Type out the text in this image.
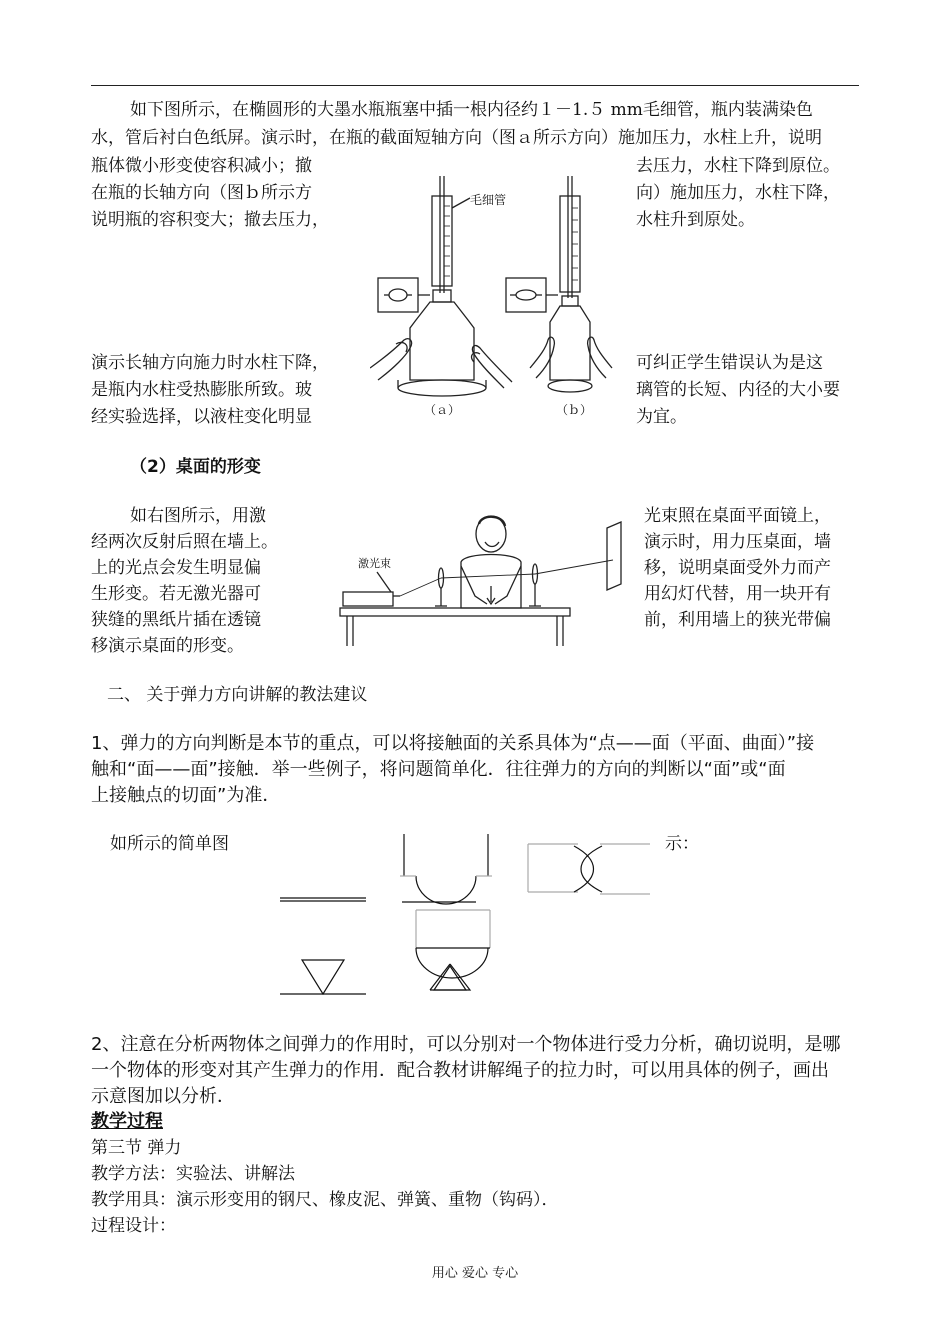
如下图所示，在椭圆形的大墨水瓶瓶塞中插一根内径约１－1.５ mm毛细管，瓶内装满染色
水，管后衬白色纸屏。演示时，在瓶的截面短轴方向（图ａ所示方向）施加压力，水柱上升，说明
瓶体微小形变使容积减小；撤	去压力，水柱下降到原位。
在瓶的长轴方向（图ｂ所示方	向）施加压力，水柱下降，
说明瓶的容积变大；撤去压力，	水柱升到原处。
毛细管
（ａ）	（ｂ）
演示长轴方向施力时水柱下降，	可纠正学生错误认为是这
是瓶内水柱受热膨胀所致。玻	璃管的长短、内径的大小要
经实验选择，以液柱变化明显	为宜。
（2）桌面的形变
如右图所示，用激	光束照在桌面平面镜上，
经两次反射后照在墙上。	演示时，用力压桌面，墙
上的光点会发生明显偏	移，说明桌面受外力而产
生形变。若无激光器可	用幻灯代替，用一块开有
狭缝的黑纸片插在透镜	前，利用墙上的狭光带偏
移演示桌面的形变。
激光束
二、 关于弹力方向讲解的教法建议
1、弹力的方向判断是本节的重点，可以将接触面的关系具体为“点——面（平面、曲面）”接
触和“面——面”接触．举一些例子，将问题简单化．往往弹力的方向的判断以“面”或“面
上接触点的切面”为准．
如所示的简单图	示：
2、注意在分析两物体之间弹力的作用时，可以分别对一个物体进行受力分析，确切说明，是哪
一个物体的形变对其产生弹力的作用．配合教材讲解绳子的拉力时，可以用具体的例子，画出
示意图加以分析．
教学过程
第三节 弹力
教学方法：实验法、讲解法
教学用具：演示形变用的钢尺、橡皮泥、弹簧、重物（钩码）．
过程设计：
用心 爱心 专心
